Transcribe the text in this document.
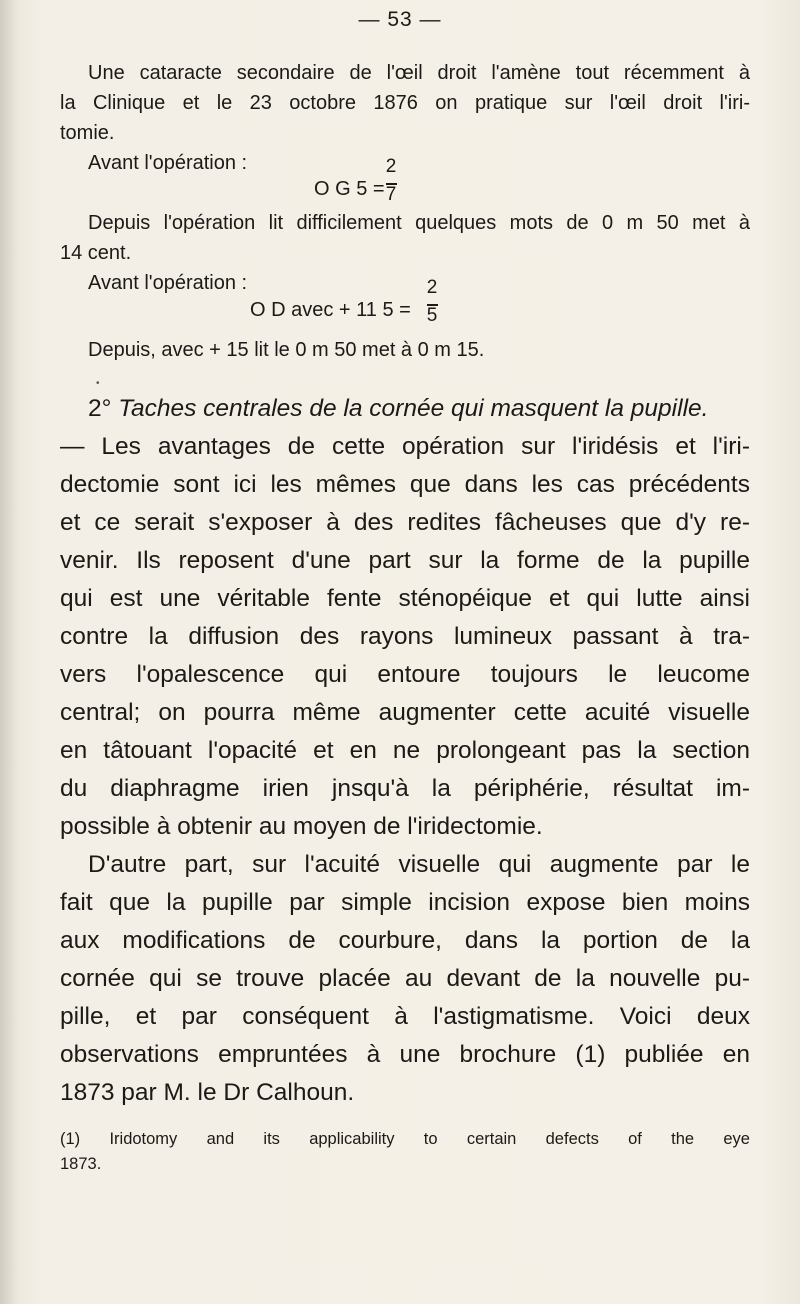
— 53 —
Une cataracte secondaire de l'œil droit l'amène tout récemment à
la Clinique et le 23 octobre 1876 on pratique sur l'œil droit l'iri-
tomie.
Avant l'opération :
O G 5 =
2
7
Depuis l'opération lit difficilement quelques mots de 0 m 50 met à
14 cent.
Avant l'opération :
O D avec + 11 5 =
2
5
Depuis, avec + 15 lit le 0 m 50 met à 0 m 15.
•
2° Taches centrales de la cornée qui masquent la pupille.
— Les avantages de cette opération sur l'iridésis et l'iri-
dectomie sont ici les mêmes que dans les cas précédents
et ce serait s'exposer à des redites fâcheuses que d'y re-
venir. Ils reposent d'une part sur la forme de la pupille
qui est une véritable fente sténopéique et qui lutte ainsi
contre la diffusion des rayons lumineux passant à tra-
vers l'opalescence qui entoure toujours le leucome
central; on pourra même augmenter cette acuité visuelle
en tâtouant l'opacité et en ne prolongeant pas la section
du diaphragme irien jnsqu'à la périphérie, résultat im-
possible à obtenir au moyen de l'iridectomie.
D'autre part, sur l'acuité visuelle qui augmente par le
fait que la pupille par simple incision expose bien moins
aux modifications de courbure, dans la portion de la
cornée qui se trouve placée au devant de la nouvelle pu-
pille, et par conséquent à l'astigmatisme. Voici deux
observations empruntées à une brochure (1) publiée en
1873 par M. le Dr Calhoun.
(1) Iridotomy and its applicability to certain defects of the eye
1873.
